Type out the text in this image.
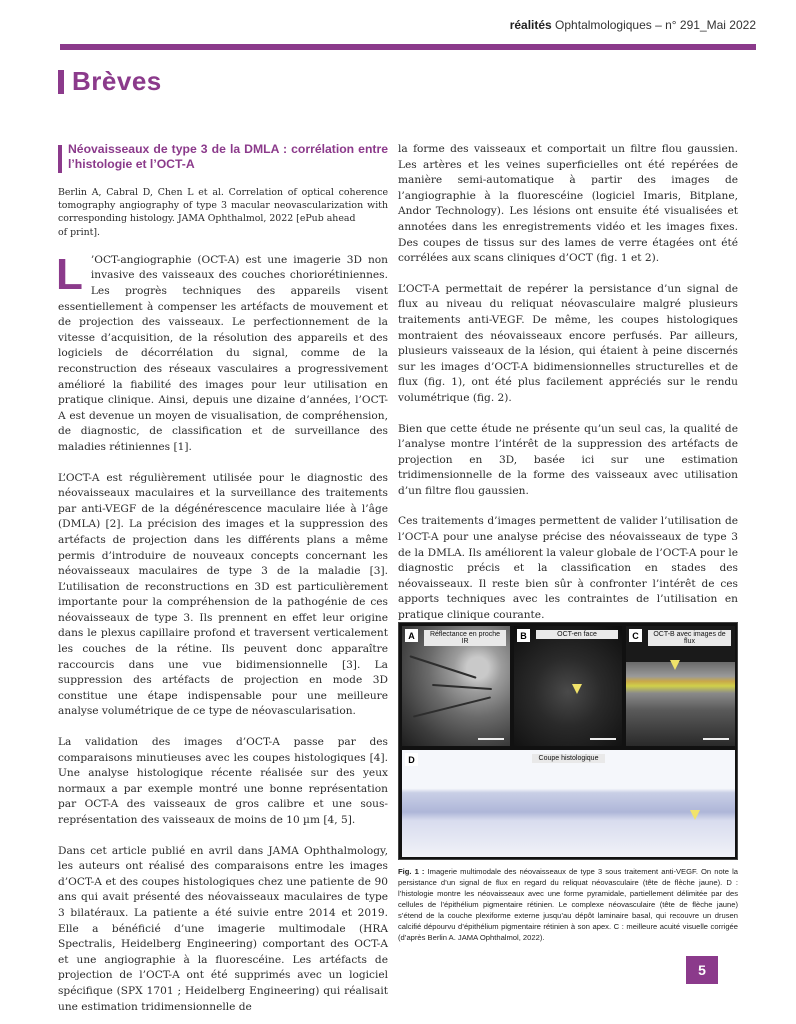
réalités Ophtalmologiques – n° 291_Mai 2022
Brèves
Néovaisseaux de type 3 de la DMLA : corrélation entre l’histologie et l’OCT-A

Berlin A, Cabral D, Chen L et al. Correlation of optical coherence tomography angiography of type 3 macular neovascularization with corresponding histology. JAMA Ophthalmol, 2022 [ePub ahead

of print].

L ’OCT-angiographie (OCT-A) est une imagerie 3D non invasive des vaisseaux des couches choriorétiniennes. Les progrès techniques des appareils visent essentiellement à compenser les artéfacts de mouvement et de projection des vaisseaux. Le perfectionnement de la vitesse d’acquisition, de la résolution des appareils et des logiciels de décorrélation du signal, comme de la reconstruction des réseaux vasculaires a progressivement amélioré la fiabilité des images pour leur utilisation en pratique clinique. Ainsi, depuis une dizaine d’années, l’OCT-A est devenue un moyen de visualisation, de compréhension, de diagnostic, de classification et de surveillance des maladies rétiniennes [1].

L’OCT-A est régulièrement utilisée pour le diagnostic des néovaisseaux maculaires et la surveillance des traitements par anti-VEGF de la dégénérescence maculaire liée à l’âge (DMLA) [2]. La précision des images et la suppression des artéfacts de projection dans les différents plans a même permis d’introduire de nouveaux concepts concernant les néovaisseaux maculaires de type 3 de la maladie [3]. L’utilisation de reconstructions en 3D est particulièrement importante pour la compréhension de la pathogénie de ces néovaisseaux de type 3. Ils prennent en effet leur origine dans le plexus capillaire profond et traversent verticalement les couches de la rétine. Ils peuvent donc apparaître raccourcis dans une vue bidimensionnelle [3]. La suppression des artéfacts de projection en mode 3D constitue une étape indispensable pour une meilleure analyse volumétrique de ce type de néovascularisation.

La validation des images d’OCT-A passe par des comparaisons minutieuses avec les coupes histologiques [4]. Une analyse histologique récente réalisée sur des yeux normaux a par exemple montré une bonne représentation par OCT-A des vaisseaux de gros calibre et une sous-représentation des vaisseaux de moins de 10 µm [4, 5].

Dans cet article publié en avril dans JAMA Ophthalmology, les auteurs ont réalisé des comparaisons entre les images d’OCT-A et des coupes histologiques chez une patiente de 90 ans qui avait présenté des néovaisseaux maculaires de type 3 bilatéraux. La patiente a été suivie entre 2014 et 2019. Elle a bénéficié d’une imagerie multimodale (HRA Spectralis, Heidelberg Engineering) comportant des OCT-A et une angiographie à la fluorescéine. Les artéfacts de projection de l’OCT-A ont été supprimés avec un logiciel spécifique (SPX 1701 ; Heidelberg Engineering) qui réalisait une estimation tridimensionnelle de

la forme des vaisseaux et comportait un filtre flou gaussien. Les artères et les veines superficielles ont été repérées de manière semi-automatique à partir des images de l’angiographie à la fluorescéine (logiciel Imaris, Bitplane, Andor Technology). Les lésions ont ensuite été visualisées et annotées dans les enregistrements vidéo et les images fixes. Des coupes de tissus sur des lames de verre étagées ont été corrélées aux scans cliniques d’OCT (fig. 1 et 2).

L’OCT-A permettait de repérer la persistance d’un signal de flux au niveau du reliquat néovasculaire malgré plusieurs traitements anti-VEGF. De même, les coupes histologiques montraient des néovaisseaux encore perfusés. Par ailleurs, plusieurs vaisseaux de la lésion, qui étaient à peine discernés sur les images d’OCT-A bidimensionnelles structurelles et de flux (fig. 1), ont été plus facilement appréciés sur le rendu volumétrique (fig. 2).

Bien que cette étude ne présente qu’un seul cas, la qualité de l’analyse montre l’intérêt de la suppression des artéfacts de projection en 3D, basée ici sur une estimation tridimensionnelle de la forme des vaisseaux avec utilisation d’un filtre flou gaussien.

Ces traitements d’images permettent de valider l’utilisation de l’OCT-A pour une analyse précise des néovaisseaux de type 3 de la DMLA. Ils améliorent la valeur globale de l’OCT-A pour le diagnostic précis et la classification en stades des néovaisseaux. Il reste bien sûr à confronter l’intérêt de ces apports techniques avec les contraintes de l’utilisation en pratique clinique courante.

A	Réflectance en proche IR
B	OCT-en face	C	OCT-B avec images de flux
D	Coupe histologique

Fig. 1 : Imagerie multimodale des néovaisseaux de type 3 sous traitement anti-VEGF. On note la persistance d’un signal de flux en regard du reliquat néovasculaire (tête de flèche jaune). D : l’histologie montre les néovaisseaux avec une forme pyramidale, partiellement délimitée par des cellules de l’épithélium pigmentaire rétinien. Le complexe néovasculaire (tête de flèche jaune) s’étend de la couche plexiforme externe jusqu’au dépôt laminaire basal, qui recouvre un drusen calcifié dépourvu d’épithélium pigmentaire rétinien à son apex. C : meilleure acuité visuelle corrigée (d’après Berlin A. JAMA Ophthalmol, 2022).

5
